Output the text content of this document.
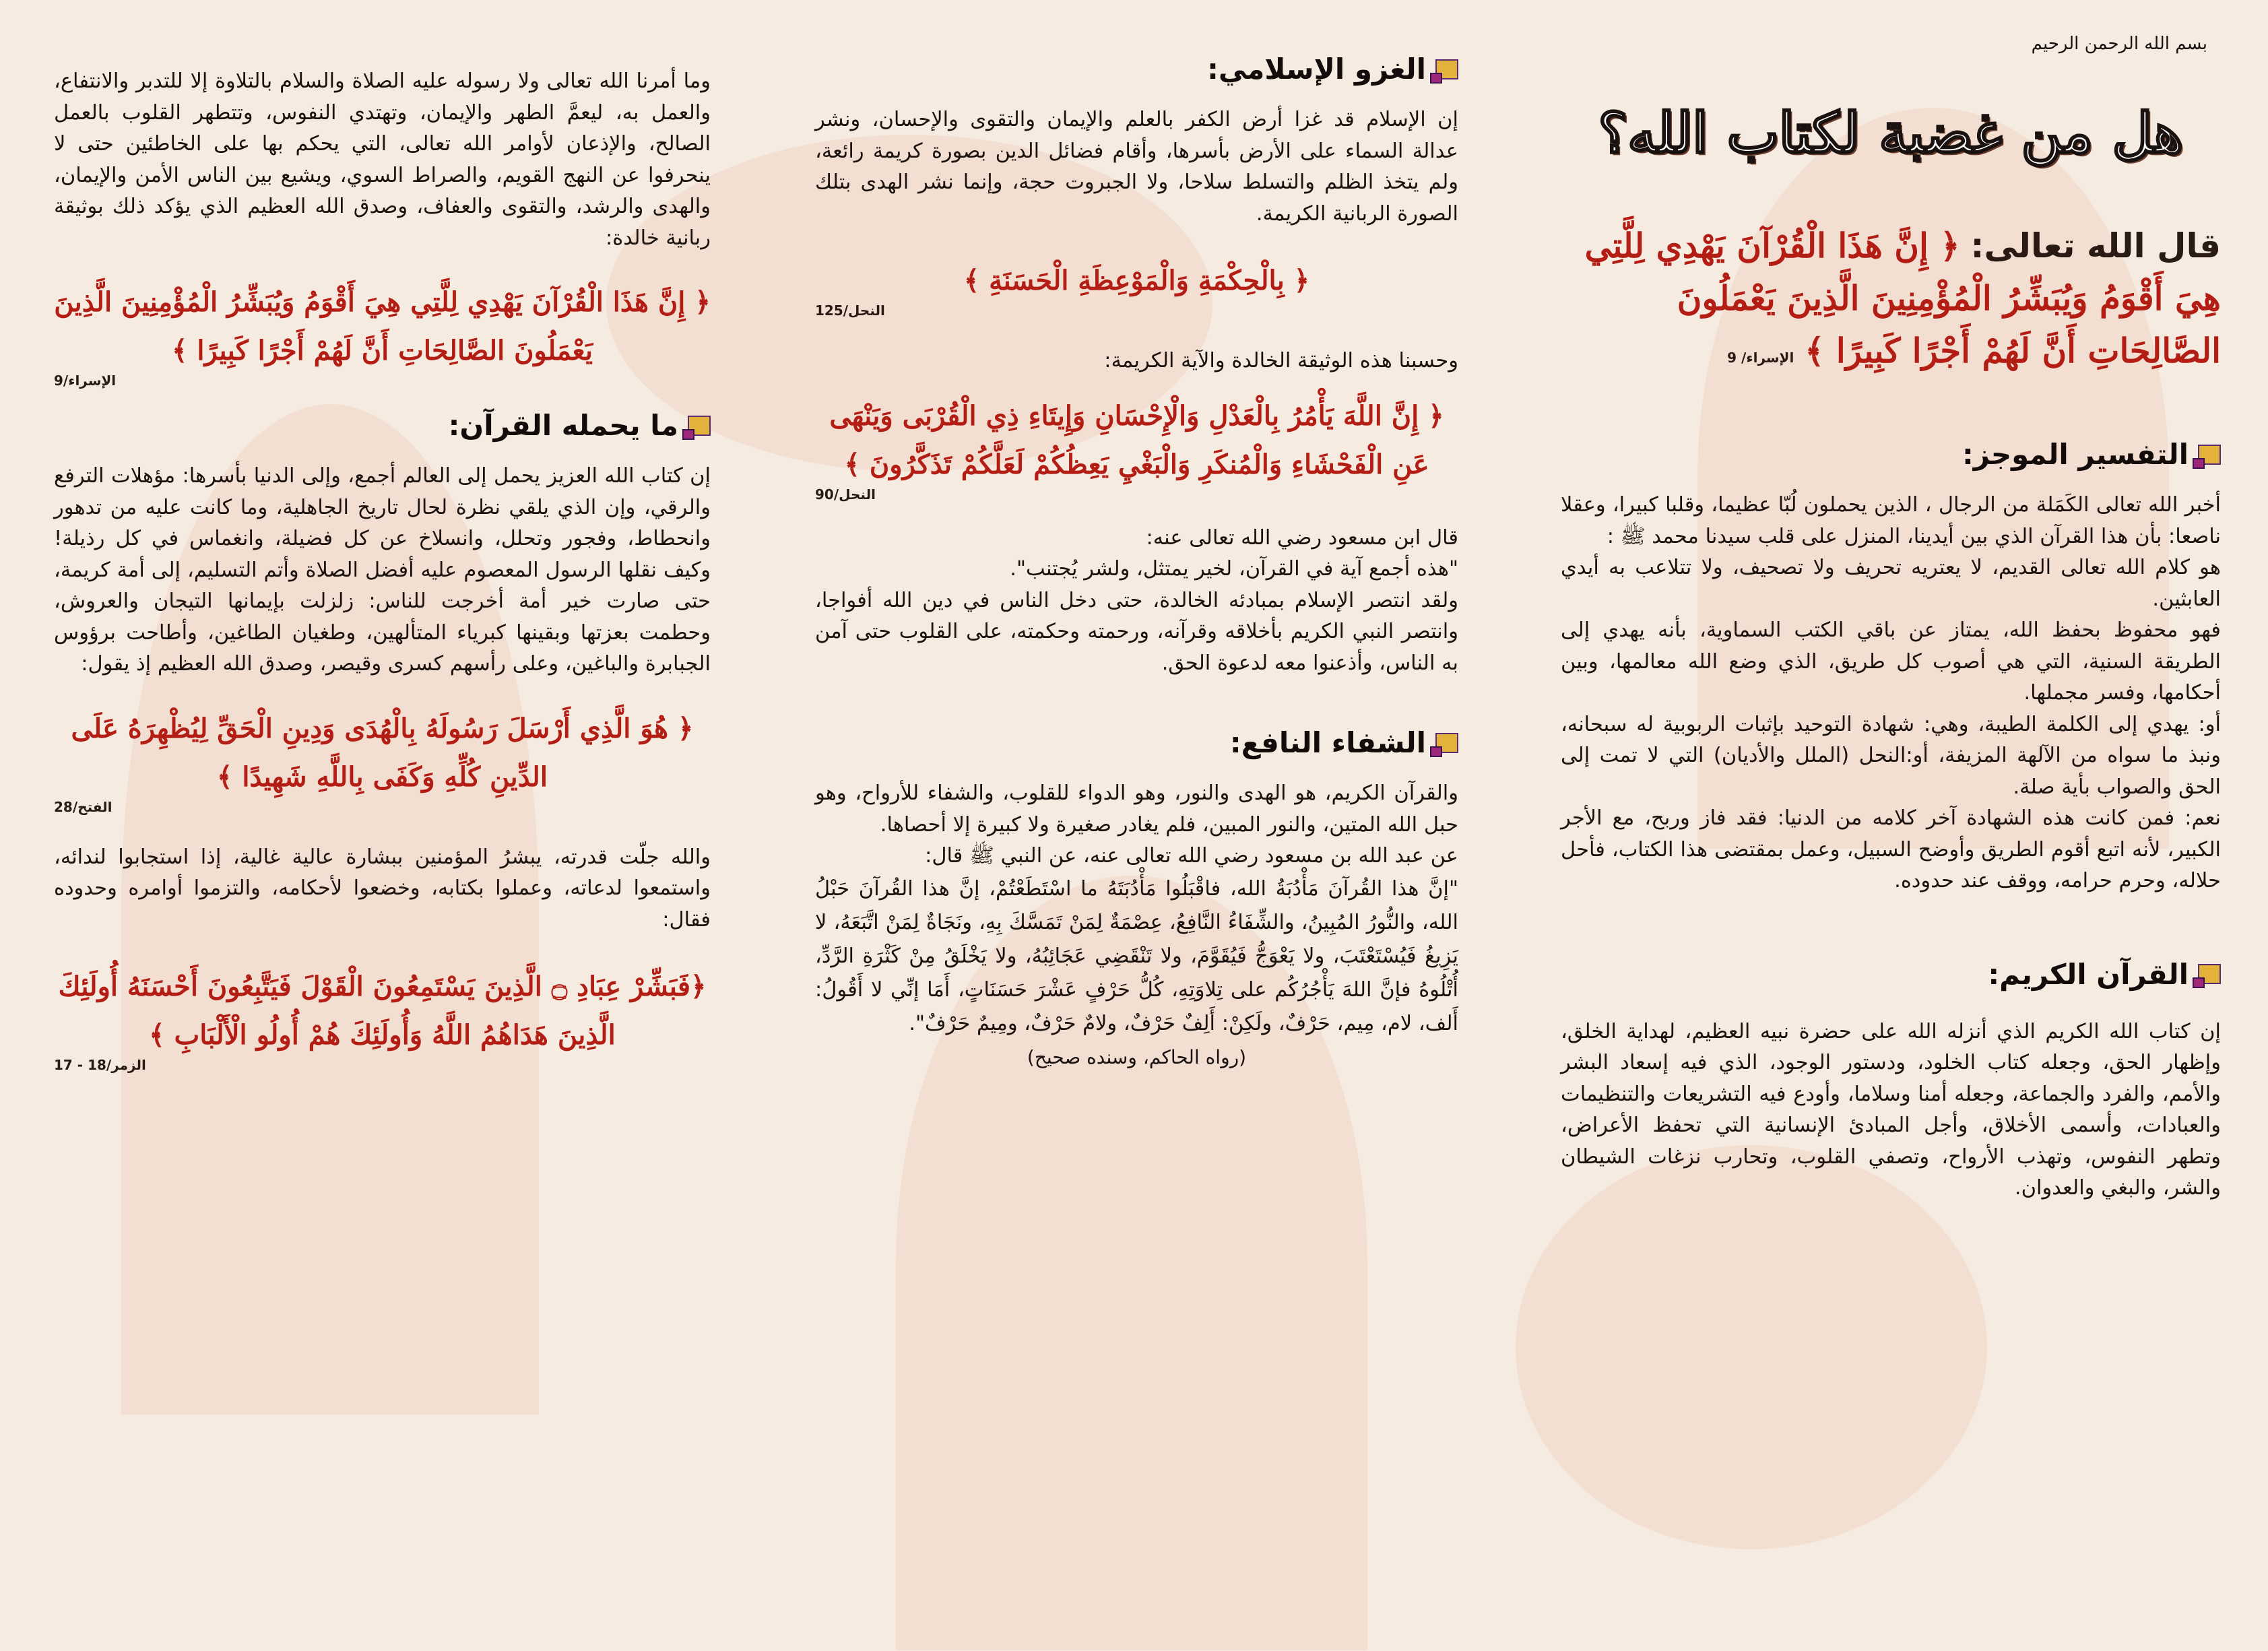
بسم الله الرحمن الرحيم
هل من غضبة لكتاب الله؟
قال الله تعالى: ﴿ إِنَّ هَذَا الْقُرْآنَ يَهْدِي لِلَّتِي هِيَ أَقْوَمُ وَيُبَشِّرُ الْمُؤْمِنِينَ الَّذِينَ يَعْمَلُونَ الصَّالِحَاتِ أَنَّ لَهُمْ أَجْرًا كَبِيرًا ﴾ الإسراء/ 9
التفسير الموجز:

أخبر الله تعالى الكَمَلة من الرجال ، الذين يحملون لُبّا عظيما، وقلبا كبيرا، وعقلا ناصعا: بأن هذا القرآن الذي بين أيدينا، المنزل على قلب سيدنا محمد ﷺ :

هو كلام الله تعالى القديم، لا يعتريه تحريف ولا تصحيف، ولا تتلاعب به أيدي العابثين.

فهو محفوظ بحفظ الله، يمتاز عن باقي الكتب السماوية، بأنه يهدي إلى الطريقة السنية، التي هي أصوب كل طريق، الذي وضع الله معالمها، وبين أحكامها، وفسر مجملها.

أو: يهدي إلى الكلمة الطيبة، وهي: شهادة التوحيد بإثبات الربوبية له سبحانه، ونبذ ما سواه من الآلهة المزيفة، أو:النحل (الملل والأديان) التي لا تمت إلى الحق والصواب بأية صلة.

نعم: فمن كانت هذه الشهادة آخر كلامه من الدنيا: فقد فاز وربح، مع الأجر الكبير، لأنه اتبع أقوم الطريق وأوضح السبيل، وعمل بمقتضى هذا الكتاب، فأحل حلاله، وحرم حرامه، ووقف عند حدوده.

القرآن الكريم:

إن كتاب الله الكريم الذي أنزله الله على حضرة نبيه العظيم، لهداية الخلق، وإظهار الحق، وجعله كتاب الخلود، ودستور الوجود، الذي فيه إسعاد البشر والأمم، والفرد والجماعة، وجعله أمنا وسلاما، وأودع فيه التشريعات والتنظيمات والعبادات، وأسمى الأخلاق، وأجل المبادئ الإنسانية التي تحفظ الأعراض، وتطهر النفوس، وتهذب الأرواح، وتصفي القلوب، وتحارب نزغات الشيطان والشر، والبغي والعدوان.

الغزو الإسلامي:

إن الإسلام قد غزا أرض الكفر بالعلم والإيمان والتقوى والإحسان، ونشر عدالة السماء على الأرض بأسرها، وأقام فضائل الدين بصورة كريمة رائعة، ولم يتخذ الظلم والتسلط سلاحا، ولا الجبروت حجة، وإنما نشر الهدى بتلك الصورة الربانية الكريمة.

﴿ بِالْحِكْمَةِ وَالْمَوْعِظَةِ الْحَسَنَةِ ﴾
النحل/125

وحسبنا هذه الوثيقة الخالدة والآية الكريمة:

﴿ إِنَّ اللَّهَ يَأْمُرُ بِالْعَدْلِ وَالْإِحْسَانِ وَإِيتَاءِ ذِي الْقُرْبَى وَيَنْهَى عَنِ الْفَحْشَاءِ وَالْمُنكَرِ وَالْبَغْيِ يَعِظُكُمْ لَعَلَّكُمْ تَذَكَّرُونَ ﴾
النحل/90

قال ابن مسعود رضي الله تعالى عنه:

"هذه أجمع آية في القرآن، لخير يمتثل، ولشر يُجتنب".

ولقد انتصر الإسلام بمبادئه الخالدة، حتى دخل الناس في دين الله أفواجا، وانتصر النبي الكريم بأخلاقه وقرآنه، ورحمته وحكمته، على القلوب حتى آمن به الناس، وأذعنوا معه لدعوة الحق.

الشفاء النافع:

والقرآن الكريم، هو الهدى والنور، وهو الدواء للقلوب، والشفاء للأرواح، وهو حبل الله المتين، والنور المبين، فلم يغادر صغيرة ولا كبيرة إلا أحصاها.

عن عبد الله بن مسعود رضي الله تعالى عنه، عن النبي ﷺ قال:

"إنَّ هذا القُرآنَ مَأْدُبَةُ الله، فاقْبَلُوا مَأْدُبَتَهُ ما اسْتَطَعْتُمْ، إنَّ هذا القُرآنَ حَبْلُ الله، والنُّورُ المُبِينُ، والشِّفَاءُ النَّافِعُ، عِصْمَةٌ لِمَنْ تَمَسَّكَ بِهِ، ونَجَاةٌ لِمَنْ اتَّبَعَهُ، لا يَزِيغُ فَيُسْتَعْتَبَ، ولا يَعْوَجُّ فَيُقَوَّمَ، ولا تَنْقَضِي عَجَائِبُهُ، ولا يَخْلَقُ مِنْ كَثْرَةِ الرَّدِّ، أُتْلُوهُ فإنَّ اللهَ يَأْجُرُكُم على تِلاوَتِهِ، كُلُّ حَرْفٍ عَشْرَ حَسَنَاتٍ، أَمَا إنِّي لا أَقُولُ: أَلف، لام، مِيم، حَرْفٌ، ولَكِنْ: أَلِفٌ حَرْفٌ، ولامٌ حَرْفٌ، ومِيمٌ حَرْفٌ".

(رواه الحاكم، وسنده صحيح)

وما أمرنا الله تعالى ولا رسوله عليه الصلاة والسلام بالتلاوة إلا للتدبر والانتفاع، والعمل به، ليعمَّ الطهر والإيمان، وتهتدي النفوس، وتتطهر القلوب بالعمل الصالح، والإذعان لأوامر الله تعالى، التي يحكم بها على الخاطئين حتى لا ينحرفوا عن النهج القويم، والصراط السوي، ويشيع بين الناس الأمن والإيمان، والهدى والرشد، والتقوى والعفاف، وصدق الله العظيم الذي يؤكد ذلك بوثيقة ربانية خالدة:

﴿ إِنَّ هَذَا الْقُرْآنَ يَهْدِي لِلَّتِي هِيَ أَقْوَمُ وَيُبَشِّرُ الْمُؤْمِنِينَ الَّذِينَ يَعْمَلُونَ الصَّالِحَاتِ أَنَّ لَهُمْ أَجْرًا كَبِيرًا ﴾
الإسراء/9
ما يحمله القرآن:

إن كتاب الله العزيز يحمل إلى العالم أجمع، وإلى الدنيا بأسرها: مؤهلات الترفع والرقي، وإن الذي يلقي نظرة لحال تاريخ الجاهلية، وما كانت عليه من تدهور وانحطاط، وفجور وتحلل، وانسلاخ عن كل فضيلة، وانغماس في كل رذيلة! وكيف نقلها الرسول المعصوم عليه أفضل الصلاة وأتم التسليم، إلى أمة كريمة، حتى صارت خير أمة أخرجت للناس: زلزلت بإيمانها التيجان والعروش، وحطمت بعزتها وبقينها كبرياء المتألهين، وطغيان الطاغين، وأطاحت برؤوس الجبابرة والباغين، وعلى رأسهم كسرى وقيصر، وصدق الله العظيم إذ يقول:

﴿ هُوَ الَّذِي أَرْسَلَ رَسُولَهُ بِالْهُدَى وَدِينِ الْحَقِّ لِيُظْهِرَهُ عَلَى الدِّينِ كُلِّهِ وَكَفَى بِاللَّهِ شَهِيدًا ﴾
الفتح/28

والله جلّت قدرته، يبشرُ المؤمنين ببشارة عالية غالية، إذا استجابوا لندائه، واستمعوا لدعاته، وعملوا بكتابه، وخضعوا لأحكامه، والتزموا أوامره وحدوده فقال:

﴿فَبَشِّرْ عِبَادِ ۝ الَّذِينَ يَسْتَمِعُونَ الْقَوْلَ فَيَتَّبِعُونَ أَحْسَنَهُ أُولَئِكَ الَّذِينَ هَدَاهُمُ اللَّهُ وَأُولَئِكَ هُمْ أُولُو الْأَلْبَابِ ﴾
الزمر/18 - 17
